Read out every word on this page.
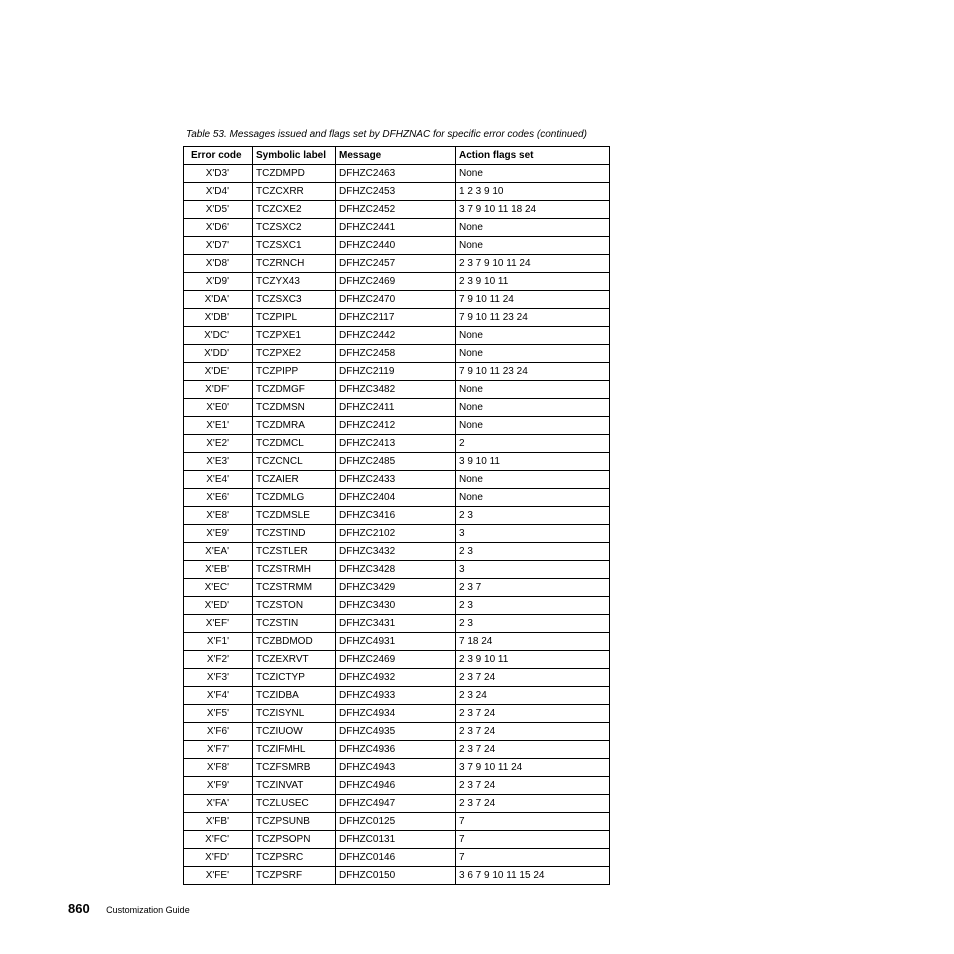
Table 53. Messages issued and flags set by DFHZNAC for specific error codes (continued)
Error code	Symbolic label	Message	Action flags set
X'D3'	TCZDMPD	DFHZC2463	None
X'D4'	TCZCXRR	DFHZC2453	1 2 3 9 10
X'D5'	TCZCXE2	DFHZC2452	3 7 9 10 11 18 24
X'D6'	TCZSXC2	DFHZC2441	None
X'D7'	TCZSXC1	DFHZC2440	None
X'D8'	TCZRNCH	DFHZC2457	2 3 7 9 10 11 24
X'D9'	TCZYX43	DFHZC2469	2 3 9 10 11
X'DA'	TCZSXC3	DFHZC2470	7 9 10 11 24
X'DB'	TCZPIPL	DFHZC2117	7 9 10 11 23 24
X'DC'	TCZPXE1	DFHZC2442	None
X'DD'	TCZPXE2	DFHZC2458	None
X'DE'	TCZPIPP	DFHZC2119	7 9 10 11 23 24
X'DF'	TCZDMGF	DFHZC3482	None
X'E0'	TCZDMSN	DFHZC2411	None
X'E1'	TCZDMRA	DFHZC2412	None
X'E2'	TCZDMCL	DFHZC2413	2
X'E3'	TCZCNCL	DFHZC2485	3 9 10 11
X'E4'	TCZAIER	DFHZC2433	None
X'E6'	TCZDMLG	DFHZC2404	None
X'E8'	TCZDMSLE	DFHZC3416	2 3
X'E9'	TCZSTIND	DFHZC2102	3
X'EA'	TCZSTLER	DFHZC3432	2 3
X'EB'	TCZSTRMH	DFHZC3428	3
X'EC'	TCZSTRMM	DFHZC3429	2 3 7
X'ED'	TCZSTON	DFHZC3430	2 3
X'EF'	TCZSTIN	DFHZC3431	2 3
X'F1'	TCZBDMOD	DFHZC4931	7 18 24
X'F2'	TCZEXRVT	DFHZC2469	2 3 9 10 11
X'F3'	TCZICTYP	DFHZC4932	2 3 7 24
X'F4'	TCZIDBA	DFHZC4933	2 3 24
X'F5'	TCZISYNL	DFHZC4934	2 3 7 24
X'F6'	TCZIUOW	DFHZC4935	2 3 7 24
X'F7'	TCZIFMHL	DFHZC4936	2 3 7 24
X'F8'	TCZFSMRB	DFHZC4943	3 7 9 10 11 24
X'F9'	TCZINVAT	DFHZC4946	2 3 7 24
X'FA'	TCZLUSEC	DFHZC4947	2 3 7 24
X'FB'	TCZPSUNB	DFHZC0125	7
X'FC'	TCZPSOPN	DFHZC0131	7
X'FD'	TCZPSRC	DFHZC0146	7
X'FE'	TCZPSRF	DFHZC0150	3 6 7 9 10 11 15 24
860 Customization Guide
